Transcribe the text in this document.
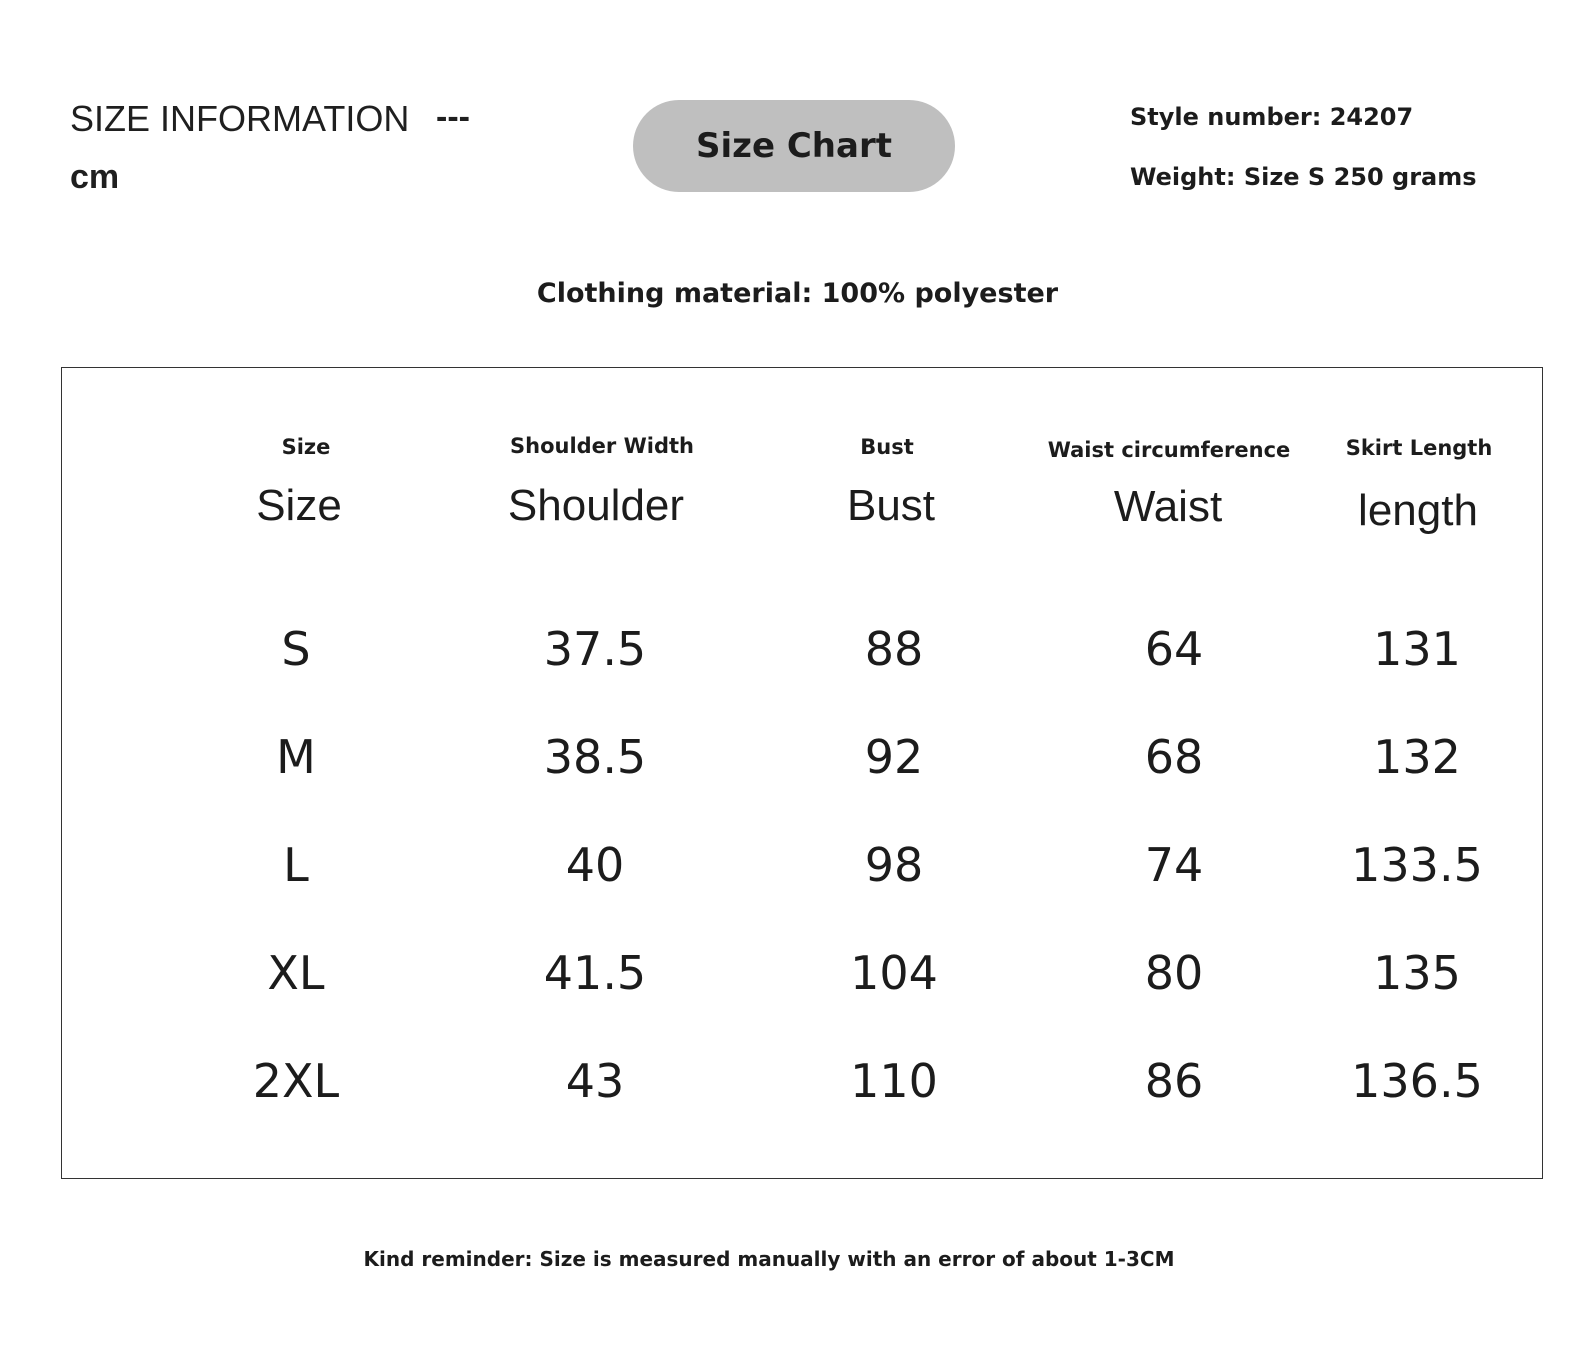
SIZE INFORMATION ---
cm
Size Chart
Style number: 24207
Weight: Size S 250 grams
Clothing material: 100% polyester
Size	Shoulder Width	Bust	Waist circumference	Skirt Length
Size	Shoulder	Bust	Waist	length
S	37.5	88	64	131
M	38.5	92	68	132
L	40	98	74	133.5
XL	41.5	104	80	135
2XL	43	110	86	136.5
Kind reminder: Size is measured manually with an error of about 1-3CM
